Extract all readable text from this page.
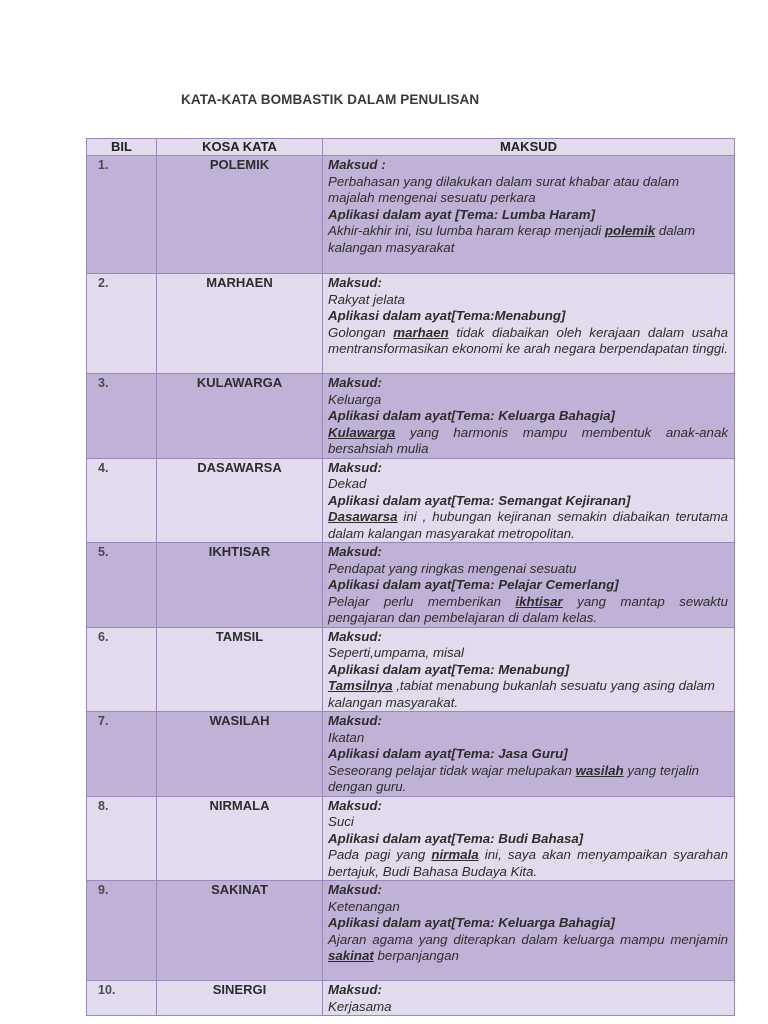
KATA-KATA BOMBASTIK DALAM PENULISAN
BIL	KOSA KATA	MAKSUD
1.	POLEMIK	Maksud :
Perbahasan yang dilakukan dalam surat khabar atau dalam majalah mengenai sesuatu perkara
Aplikasi dalam ayat [Tema: Lumba Haram]
Akhir-akhir ini, isu lumba haram kerap menjadi polemik dalam kalangan masyarakat

2.	MARHAEN	Maksud:
Rakyat jelata
Aplikasi dalam ayat[Tema:Menabung]
Golongan marhaen tidak diabaikan oleh kerajaan dalam usaha mentransformasikan ekonomi ke arah negara berpendapatan tinggi.

3.	KULAWARGA	Maksud:
Keluarga
Aplikasi dalam ayat[Tema: Keluarga Bahagia]
Kulawarga yang harmonis mampu membentuk anak-anak bersahsiah mulia

4.	DASAWARSA	Maksud:
Dekad
Aplikasi dalam ayat[Tema: Semangat Kejiranan]
Dasawarsa ini , hubungan kejiranan semakin diabaikan terutama dalam kalangan masyarakat metropolitan.

5.	IKHTISAR	Maksud:
Pendapat yang ringkas mengenai sesuatu
Aplikasi dalam ayat[Tema: Pelajar Cemerlang]
Pelajar perlu memberikan ikhtisar yang mantap sewaktu pengajaran dan pembelajaran di dalam kelas.

6.	TAMSIL	Maksud:
Seperti,umpama, misal
Aplikasi dalam ayat[Tema: Menabung]
Tamsilnya ,tabiat menabung bukanlah sesuatu yang asing dalam kalangan masyarakat.

7.	WASILAH	Maksud:
Ikatan
Aplikasi dalam ayat[Tema: Jasa Guru]
Seseorang pelajar tidak wajar melupakan wasilah yang terjalin dengan guru.

8.	NIRMALA	Maksud:
Suci
Aplikasi dalam ayat[Tema: Budi Bahasa]
Pada pagi yang nirmala ini, saya akan menyampaikan syarahan bertajuk, Budi Bahasa Budaya Kita.

9.	SAKINAT	Maksud:
Ketenangan
Aplikasi dalam ayat[Tema: Keluarga Bahagia]
Ajaran agama yang diterapkan dalam keluarga mampu menjamin sakinat berpanjangan

10.	SINERGI	Maksud:
Kerjasama
